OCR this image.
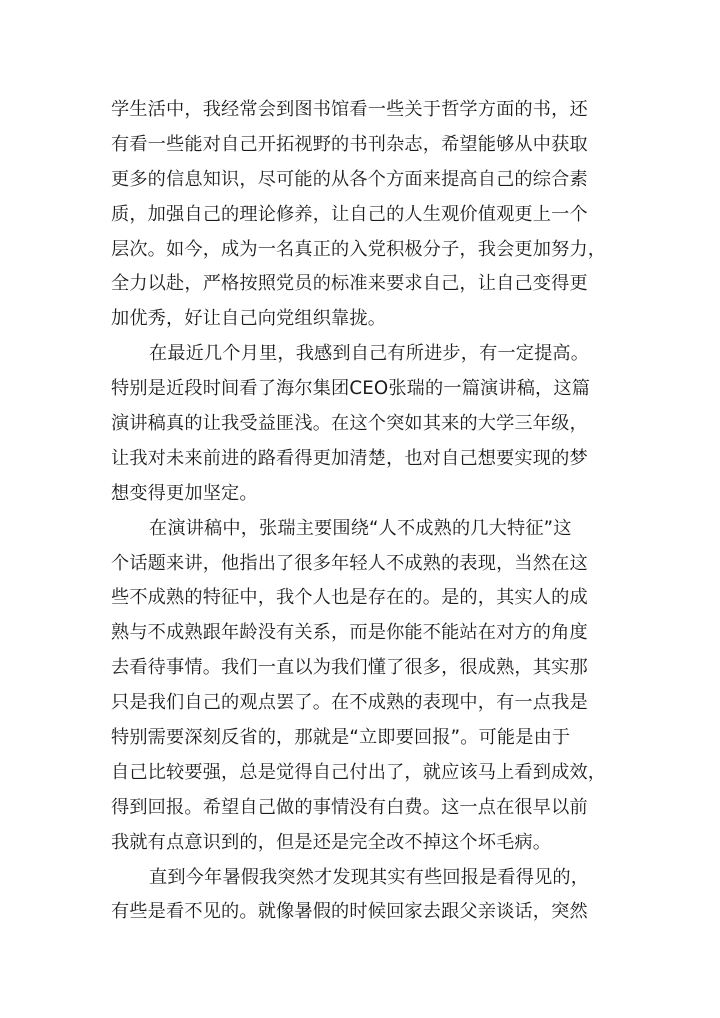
学生活中，我经常会到图书馆看一些关于哲学方面的书，还
有看一些能对自己开拓视野的书刊杂志，希望能够从中获取
更多的信息知识，尽可能的从各个方面来提高自己的综合素
质，加强自己的理论修养，让自己的人生观价值观更上一个
层次。如今，成为一名真正的入党积极分子，我会更加努力，
全力以赴，严格按照党员的标准来要求自己，让自己变得更
加优秀，好让自己向党组织靠拢。
在最近几个月里，我感到自己有所进步，有一定提高。
特别是近段时间看了海尔集团CEO张瑞的一篇演讲稿，这篇
演讲稿真的让我受益匪浅。在这个突如其来的大学三年级，
让我对未来前进的路看得更加清楚，也对自己想要实现的梦
想变得更加坚定。
在演讲稿中，张瑞主要围绕“人不成熟的几大特征”这
个话题来讲，他指出了很多年轻人不成熟的表现，当然在这
些不成熟的特征中，我个人也是存在的。是的，其实人的成
熟与不成熟跟年龄没有关系，而是你能不能站在对方的角度
去看待事情。我们一直以为我们懂了很多，很成熟，其实那
只是我们自己的观点罢了。在不成熟的表现中，有一点我是
特别需要深刻反省的，那就是“立即要回报”。可能是由于
自己比较要强，总是觉得自己付出了，就应该马上看到成效，
得到回报。希望自己做的事情没有白费。这一点在很早以前
我就有点意识到的，但是还是完全改不掉这个坏毛病。
直到今年暑假我突然才发现其实有些回报是看得见的，
有些是看不见的。就像暑假的时候回家去跟父亲谈话，突然
